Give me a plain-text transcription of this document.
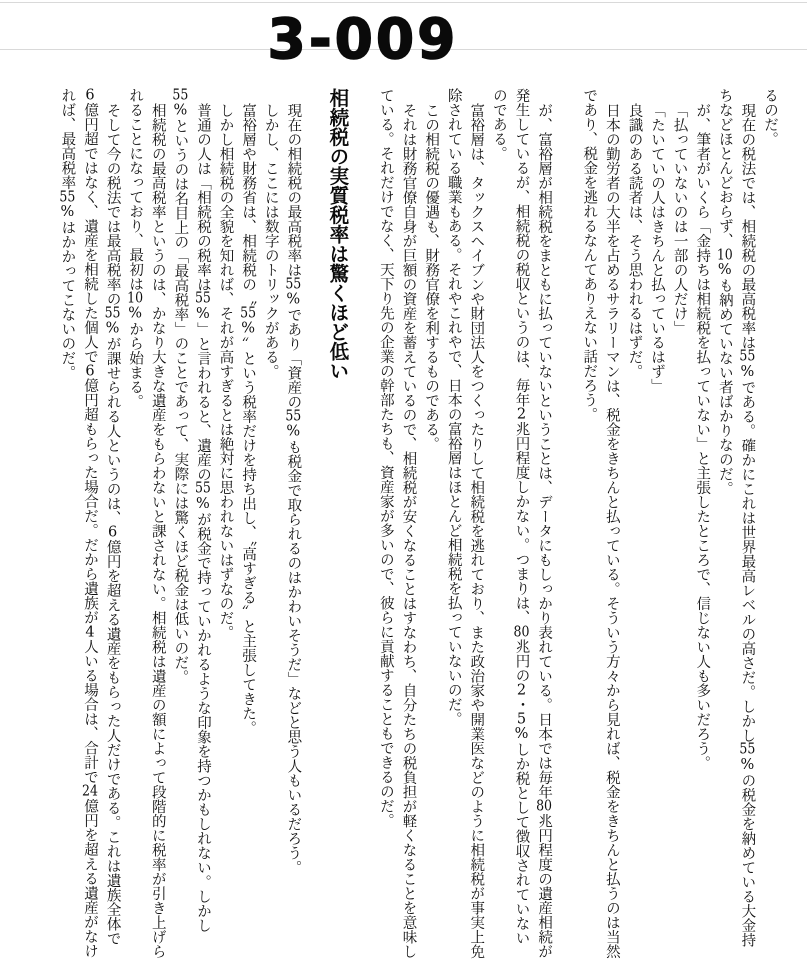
3-009

るのだ。

現在の税法では、相続税の最高税率は55%である。確かにこれは世界最高レベルの高さだ。しかし55%の税金を納めている大金持ちなどほとんどおらず、10%も納めていない者ばかりなのだ。

が、筆者がいくら「金持ちは相続税を払っていない」と主張したところで、信じない人も多いだろう。

「払っていないのは一部の人だけ」

「たいていの人はきちんと払っているはず」

良識のある読者は、そう思われるはずだ。

日本の勤労者の大半を占めるサラリーマンは、税金をきちんと払っている。そういう方々から見れば、税金をきちんと払うのは当然であり、税金を逃れるなんてありえない話だろう。

が、富裕層が相続税をまともに払っていないということは、データにもしっかり表れている。日本では毎年80兆円程度の遺産相続が発生しているが、相続税の税収というのは、毎年2兆円程度しかない。つまりは、80兆円の2・5%しか税として徴収されていないのである。

富裕層は、タックスヘイブンや財団法人をつくったりして相続税を逃れており、また政治家や開業医などのように相続税が事実上免除されている職業もある。それやこれやで、日本の富裕層はほとんど相続税を払っていないのだ。

この相続税の優遇も、財務官僚を利するものである。

それは財務官僚自身が巨額の資産を蓄えているので、相続税が安くなることはすなわち、自分たちの税負担が軽くなることを意味している。それだけでなく、天下り先の企業の幹部たちも、資産家が多いので、彼らに貢献することもできるのだ。

相続税の実質税率は驚くほど低い

現在の相続税の最高税率は55%であり「資産の55%も税金で取られるのはかわいそうだ」などと思う人もいるだろう。

しかし、ここには数字のトリックがある。

富裕層や財務省は、相続税の〝55%〟という税率だけを持ち出し、〝高すぎる〟と主張してきた。

しかし相続税の全貌を知れば、それが高すぎるとは絶対に思われないはずなのだ。

普通の人は「相続税の税率は55%」と言われると、遺産の55%が税金で持っていかれるような印象を持つかもしれない。しかし55%というのは名目上の「最高税率」のことであって、実際には驚くほど税金は低いのだ。

相続税の最高税率というのは、かなり大きな遺産をもらわないと課されない。相続税は遺産の額によって段階的に税率が引き上げられることになっており、最初は10%から始まる。

そして今の税法では最高税率の55%が課せられる人というのは、6億円を超える遺産をもらった人だけである。これは遺族全体で6億円超ではなく、遺産を相続した個人で6億円超もらった場合だ。だから遺族が4人いる場合は、合計で24億円を超える遺産がなければ、最高税率55%はかかってこないのだ。
